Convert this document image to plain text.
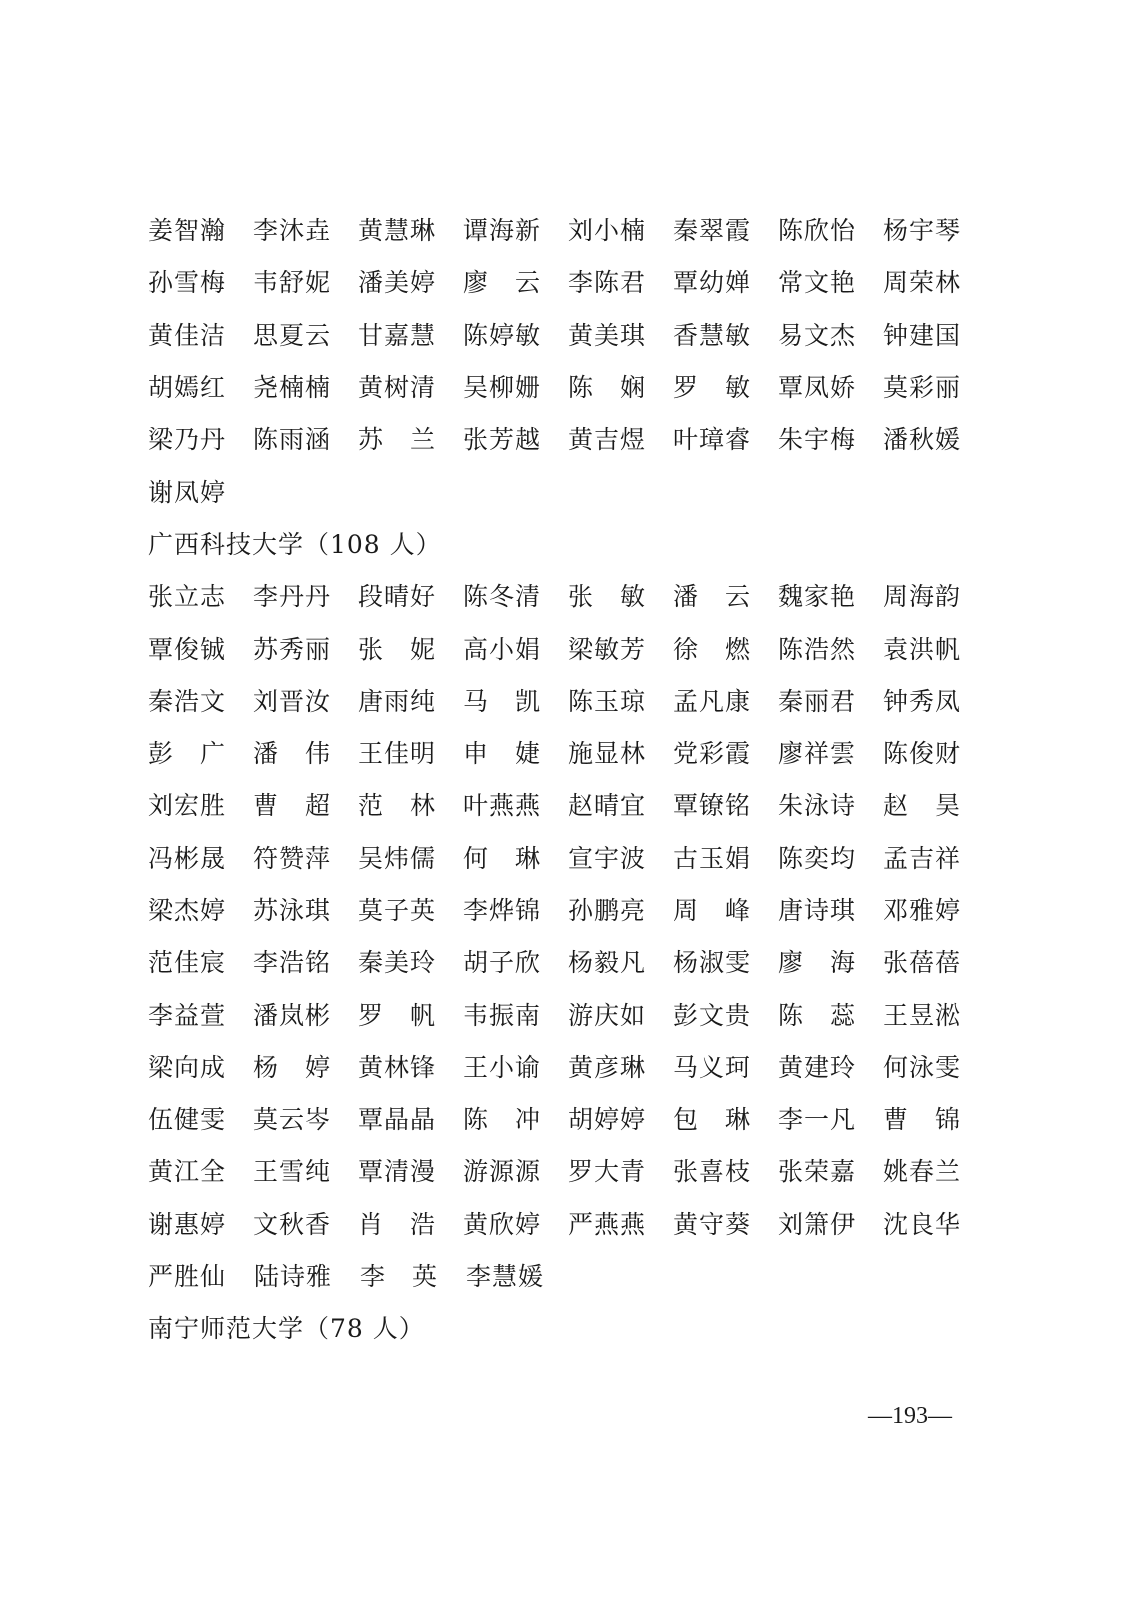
姜智瀚	李沐垚	黄慧琳	谭海新	刘小楠	秦翠霞	陈欣怡	杨宇琴
孙雪梅	韦舒妮	潘美婷	廖　云	李陈君	覃幼婵	常文艳	周荣林
黄佳洁	思夏云	甘嘉慧	陈婷敏	黄美琪	香慧敏	易文杰	钟建国
胡嫣红	尧楠楠	黄树清	吴柳姗	陈　娴	罗　敏	覃凤娇	莫彩丽
梁乃丹	陈雨涵	苏　兰	张芳越	黄吉煜	叶璋睿	朱宇梅	潘秋媛
谢凤婷
广西科技大学（108 人）
张立志	李丹丹	段晴好	陈冬清	张　敏	潘　云	魏家艳	周海韵
覃俊铖	苏秀丽	张　妮	高小娟	梁敏芳	徐　燃	陈浩然	袁洪帆
秦浩文	刘晋汝	唐雨纯	马　凯	陈玉琼	孟凡康	秦丽君	钟秀凤
彭　广	潘　伟	王佳明	申　婕	施显林	党彩霞	廖祥雲	陈俊财
刘宏胜	曹　超	范　林	叶燕燕	赵晴宜	覃镣铭	朱泳诗	赵　昊
冯彬晟	符赞萍	吴炜儒	何　琳	宣宇波	古玉娟	陈奕均	孟吉祥
梁杰婷	苏泳琪	莫子英	李烨锦	孙鹏亮	周　峰	唐诗琪	邓雅婷
范佳宸	李浩铭	秦美玲	胡子欣	杨毅凡	杨淑雯	廖　海	张蓓蓓
李益萱	潘岚彬	罗　帆	韦振南	游庆如	彭文贵	陈　蕊	王昱淞
梁向成	杨　婷	黄林锋	王小谕	黄彦琳	马义珂	黄建玲	何泳雯
伍健雯	莫云岑	覃晶晶	陈　冲	胡婷婷	包　琳	李一凡	曹　锦
黄江全	王雪纯	覃清漫	游源源	罗大青	张喜枝	张荣嘉	姚春兰
谢惠婷	文秋香	肖　浩	黄欣婷	严燕燕	黄守葵	刘箫伊	沈良华
严胜仙	陆诗雅	李　英	李慧媛
南宁师范大学（78 人）
—193—
